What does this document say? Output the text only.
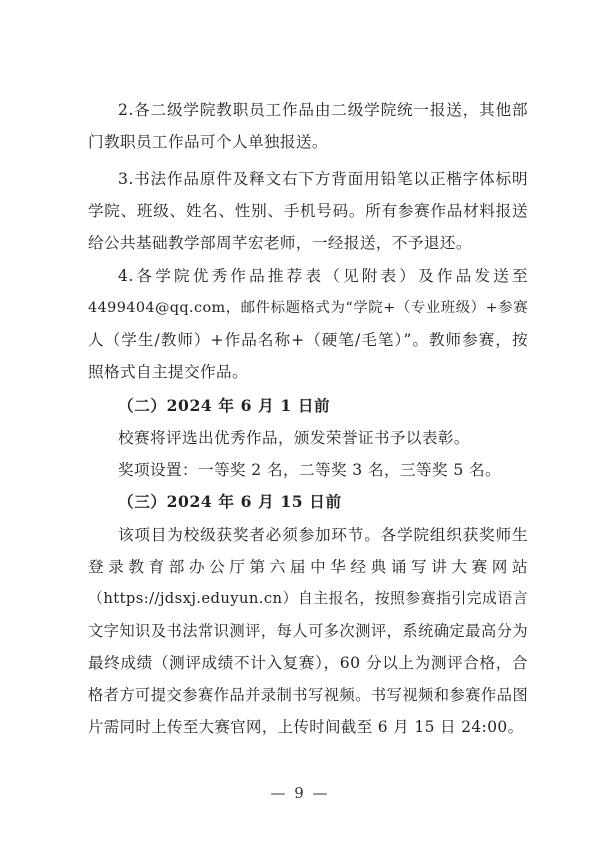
2.各二级学院教职员工作品由二级学院统一报送，其他部
门教职员工作品可个人单独报送。
3.书法作品原件及释文右下方背面用铅笔以正楷字体标明
学院、班级、姓名、性别、手机号码。所有参赛作品材料报送
给公共基础教学部周芊宏老师，一经报送，不予退还。
4.各学院优秀作品推荐表（见附表）及作品发送至
4499404@qq.com，邮件标题格式为“学院+（专业班级）+参赛
人（学生/教师）+作品名称+（硬笔/毛笔）”。教师参赛，按
照格式自主提交作品。
（二）2024 年 6 月 1 日前
校赛将评选出优秀作品，颁发荣誉证书予以表彰。
奖项设置：一等奖 2 名，二等奖 3 名，三等奖 5 名。
（三）2024 年 6 月 15 日前
该项目为校级获奖者必须参加环节。各学院组织获奖师生
登录教育部办公厅第六届中华经典诵写讲大赛网站
（https://jdsxj.eduyun.cn）自主报名，按照参赛指引完成语言
文字知识及书法常识测评，每人可多次测评，系统确定最高分为
最终成绩（测评成绩不计入复赛），60 分以上为测评合格，合
格者方可提交参赛作品并录制书写视频。书写视频和参赛作品图
片需同时上传至大赛官网，上传时间截至 6 月 15 日 24:00。
— 9 —
